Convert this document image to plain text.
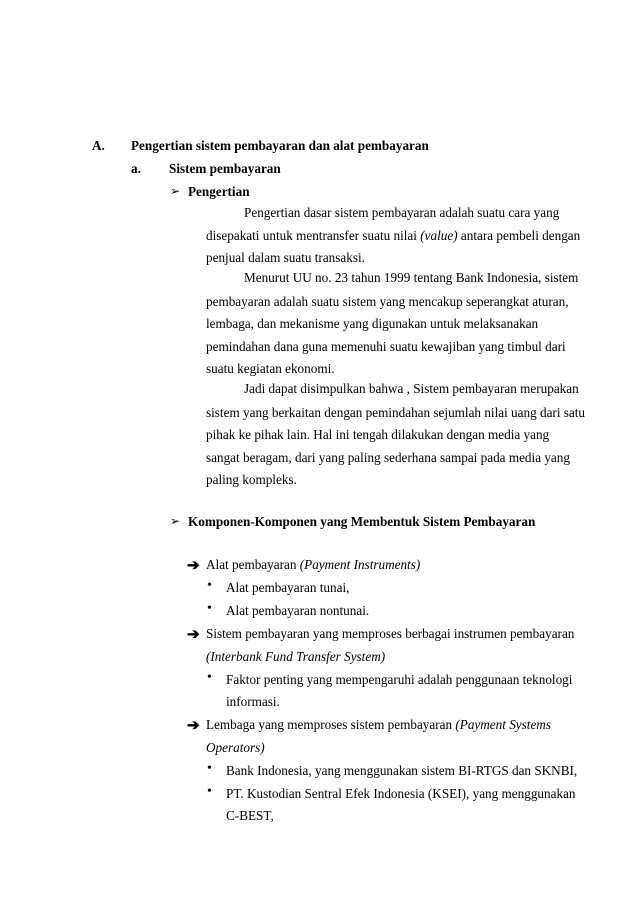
A. Pengertian sistem pembayaran dan alat pembayaran
a. Sistem pembayaran
➢ Pengertian
Pengertian dasar sistem pembayaran adalah suatu cara yang
disepakati untuk mentransfer suatu nilai (value) antara pembeli dengan
penjual dalam suatu transaksi.
Menurut UU no. 23 tahun 1999 tentang Bank Indonesia, sistem
pembayaran adalah suatu sistem yang mencakup seperangkat aturan,
lembaga, dan mekanisme yang digunakan untuk melaksanakan
pemindahan dana guna memenuhi suatu kewajiban yang timbul dari
suatu kegiatan ekonomi.
Jadi dapat disimpulkan bahwa , Sistem pembayaran merupakan
sistem yang berkaitan dengan pemindahan sejumlah nilai uang dari satu
pihak ke pihak lain. Hal ini tengah dilakukan dengan media yang
sangat beragam, dari yang paling sederhana sampai pada media yang
paling kompleks.
➢ Komponen-Komponen yang Membentuk Sistem Pembayaran
➔ Alat pembayaran (Payment Instruments)
• Alat pembayaran tunai,
• Alat pembayaran nontunai.
➔ Sistem pembayaran yang memproses berbagai instrumen pembayaran
(Interbank Fund Transfer System)
• Faktor penting yang mempengaruhi adalah penggunaan teknologi
informasi.
➔ Lembaga yang memproses sistem pembayaran (Payment Systems
Operators)
• Bank Indonesia, yang menggunakan sistem BI-RTGS dan SKNBI,
• PT. Kustodian Sentral Efek Indonesia (KSEI), yang menggunakan
C-BEST,
